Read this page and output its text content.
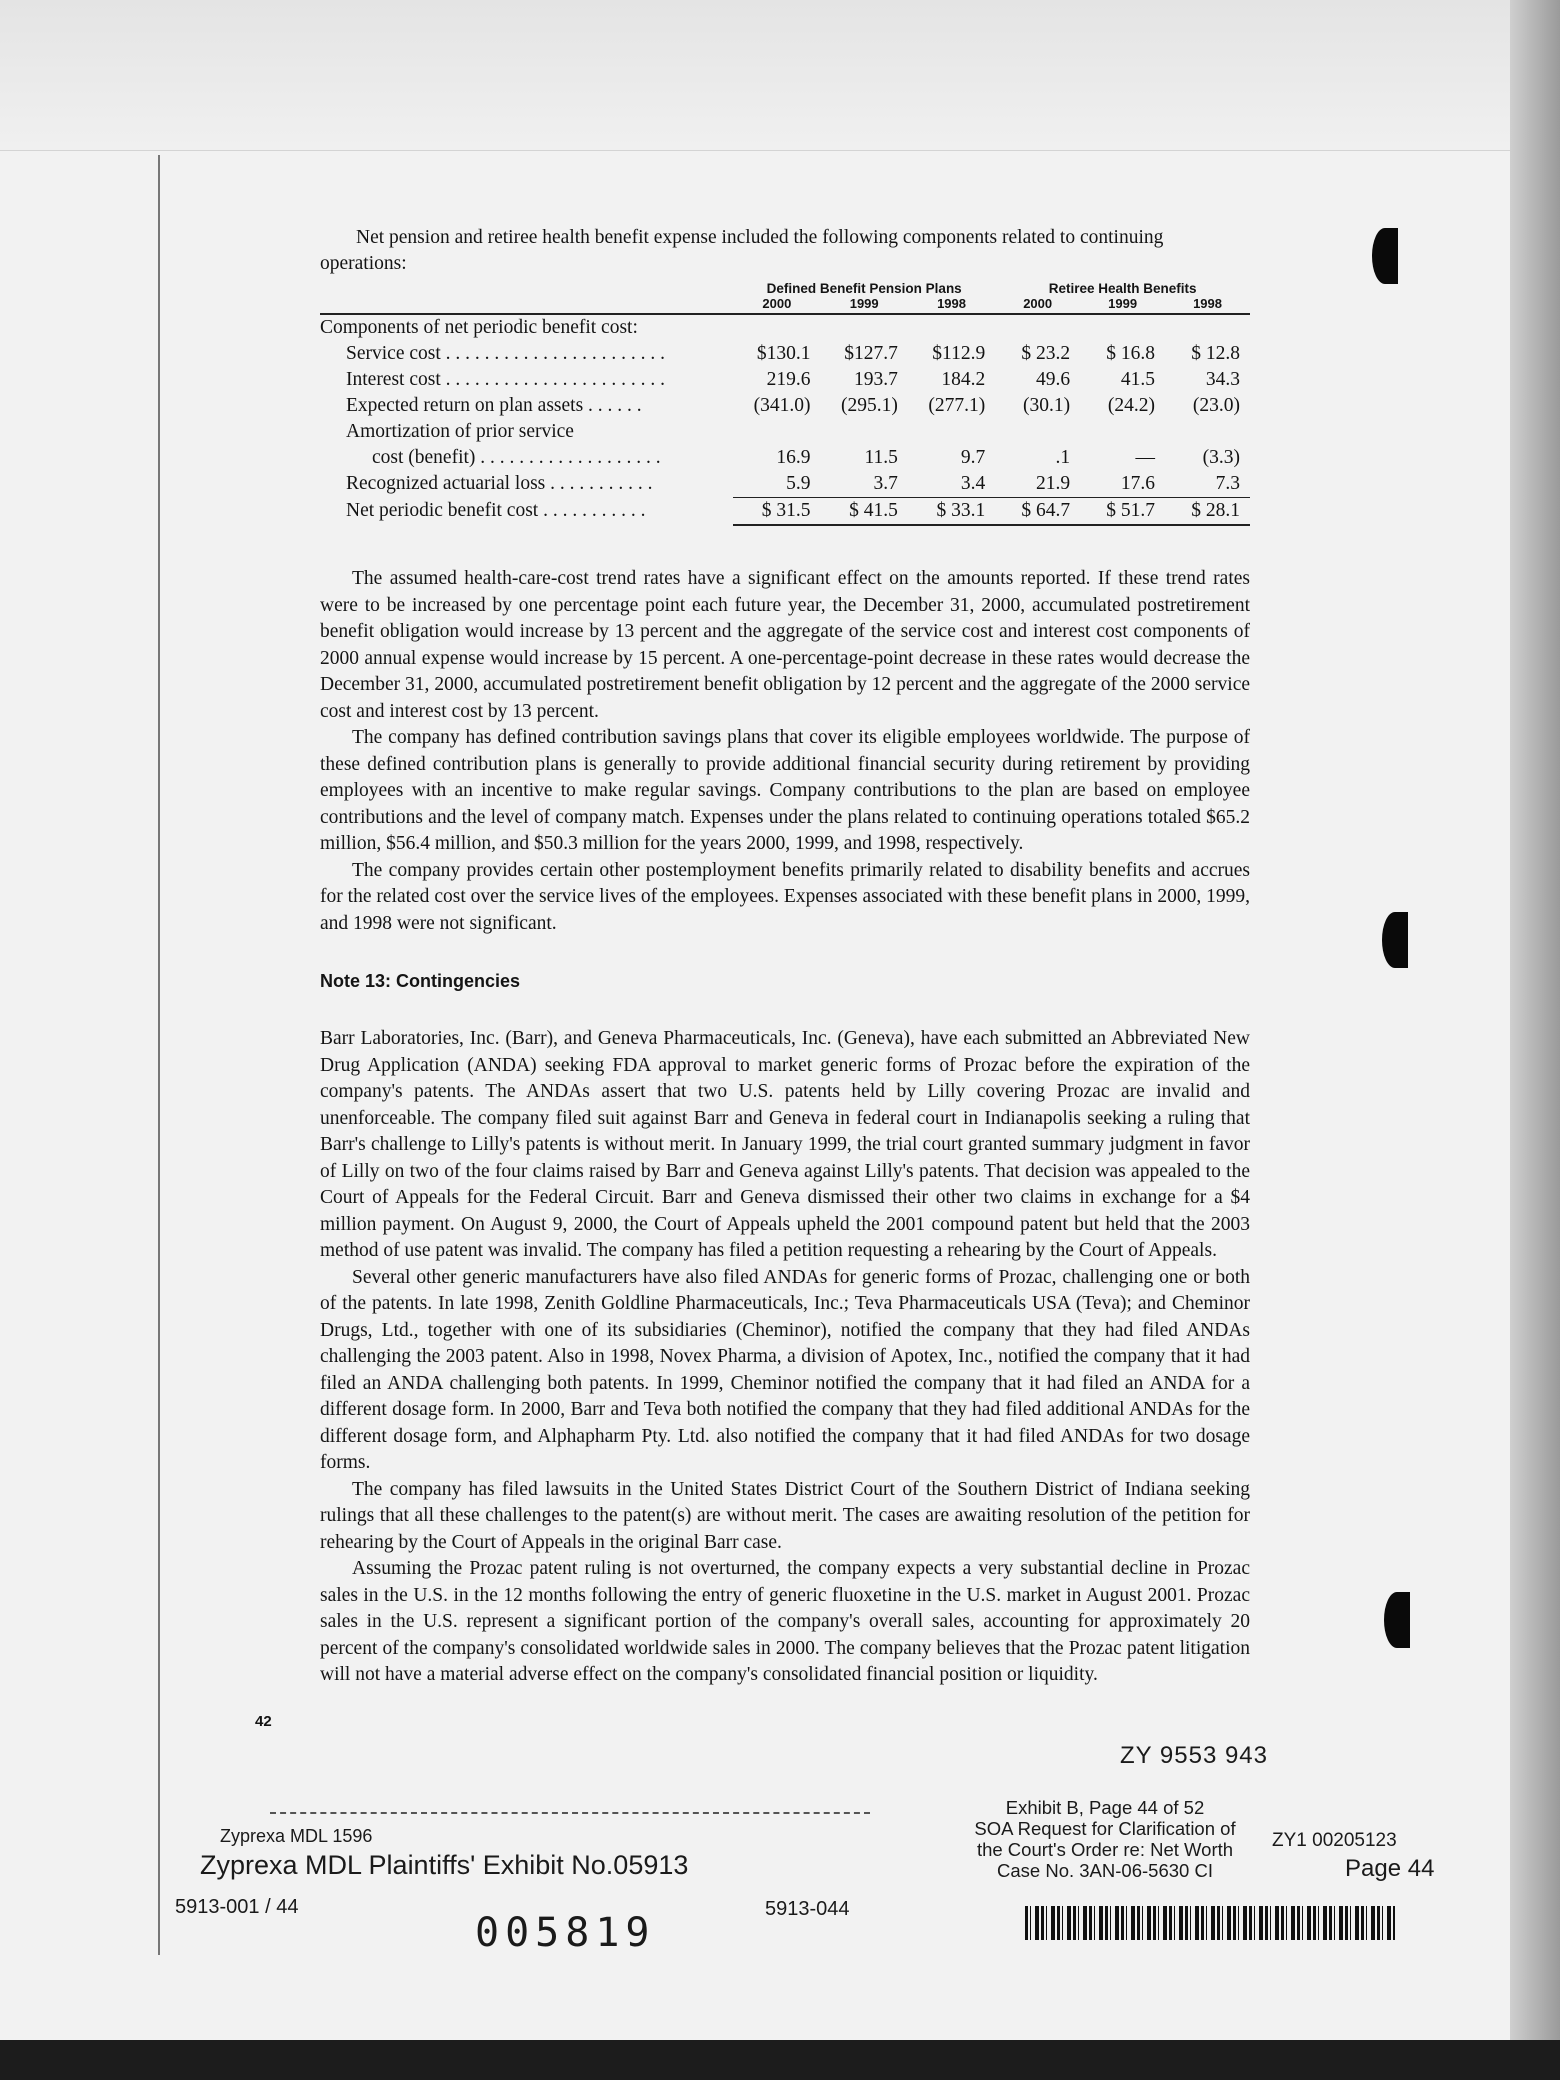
Net pension and retiree health benefit expense included the following components related to continuing operations:

	Defined Benefit Pension Plans			Retiree Health Benefits		
	2000	1999	1998	2000	1999	1998
Components of net periodic benefit cost:						
Service cost . . . . . . . . . . . . . . . . . . . . . . .	$130.1	$127.7	$112.9	$ 23.2	$ 16.8	$ 12.8
Interest cost . . . . . . . . . . . . . . . . . . . . . . .	219.6	193.7	184.2	49.6	41.5	34.3
Expected return on plan assets . . . . . .	(341.0)	(295.1)	(277.1)	(30.1)	(24.2)	(23.0)
Amortization of prior service						
cost (benefit) . . . . . . . . . . . . . . . . . . .	16.9	11.5	9.7	.1	—	(3.3)
Recognized actuarial loss . . . . . . . . . . .	5.9	3.7	3.4	21.9	17.6	7.3
Net periodic benefit cost . . . . . . . . . . .	$ 31.5	$ 41.5	$ 33.1	$ 64.7	$ 51.7	$ 28.1

The assumed health-care-cost trend rates have a significant effect on the amounts reported. If these trend rates were to be increased by one percentage point each future year, the December 31, 2000, accumulated postretirement benefit obligation would increase by 13 percent and the aggregate of the service cost and interest cost components of 2000 annual expense would increase by 15 percent. A one-percentage-point decrease in these rates would decrease the December 31, 2000, accumulated postretirement benefit obligation by 12 percent and the aggregate of the 2000 service cost and interest cost by 13 percent.

The company has defined contribution savings plans that cover its eligible employees worldwide. The purpose of these defined contribution plans is generally to provide additional financial security during retirement by providing employees with an incentive to make regular savings. Company contributions to the plan are based on employee contributions and the level of company match. Expenses under the plans related to continuing operations totaled $65.2 million, $56.4 million, and $50.3 million for the years 2000, 1999, and 1998, respectively.

The company provides certain other postemployment benefits primarily related to disability benefits and accrues for the related cost over the service lives of the employees. Expenses associated with these benefit plans in 2000, 1999, and 1998 were not significant.

Note 13: Contingencies

Barr Laboratories, Inc. (Barr), and Geneva Pharmaceuticals, Inc. (Geneva), have each submitted an Abbreviated New Drug Application (ANDA) seeking FDA approval to market generic forms of Prozac before the expiration of the company's patents. The ANDAs assert that two U.S. patents held by Lilly covering Prozac are invalid and unenforceable. The company filed suit against Barr and Geneva in federal court in Indianapolis seeking a ruling that Barr's challenge to Lilly's patents is without merit. In January 1999, the trial court granted summary judgment in favor of Lilly on two of the four claims raised by Barr and Geneva against Lilly's patents. That decision was appealed to the Court of Appeals for the Federal Circuit. Barr and Geneva dismissed their other two claims in exchange for a $4 million payment. On August 9, 2000, the Court of Appeals upheld the 2001 compound patent but held that the 2003 method of use patent was invalid. The company has filed a petition requesting a rehearing by the Court of Appeals.

Several other generic manufacturers have also filed ANDAs for generic forms of Prozac, challenging one or both of the patents. In late 1998, Zenith Goldline Pharmaceuticals, Inc.; Teva Pharmaceuticals USA (Teva); and Cheminor Drugs, Ltd., together with one of its subsidiaries (Cheminor), notified the company that they had filed ANDAs challenging the 2003 patent. Also in 1998, Novex Pharma, a division of Apotex, Inc., notified the company that it had filed an ANDA challenging both patents. In 1999, Cheminor notified the company that it had filed an ANDA for a different dosage form. In 2000, Barr and Teva both notified the company that they had filed additional ANDAs for the different dosage form, and Alphapharm Pty. Ltd. also notified the company that it had filed ANDAs for two dosage forms.

The company has filed lawsuits in the United States District Court of the Southern District of Indiana seeking rulings that all these challenges to the patent(s) are without merit. The cases are awaiting resolution of the petition for rehearing by the Court of Appeals in the original Barr case.

Assuming the Prozac patent ruling is not overturned, the company expects a very substantial decline in Prozac sales in the U.S. in the 12 months following the entry of generic fluoxetine in the U.S. market in August 2001. Prozac sales in the U.S. represent a significant portion of the company's overall sales, accounting for approximately 20 percent of the company's consolidated worldwide sales in 2000. The company believes that the Prozac patent litigation will not have a material adverse effect on the company's consolidated financial position or liquidity.

42
ZY 9553 943
Zyprexa MDL 1596
Zyprexa MDL Plaintiffs' Exhibit No.05913
5913-001 / 44	5913-044
005819
Exhibit B, Page 44 of 52
SOA Request for Clarification of
the Court's Order re: Net Worth
Case No. 3AN-06-5630 CI
ZY1 00205123
Page 44
